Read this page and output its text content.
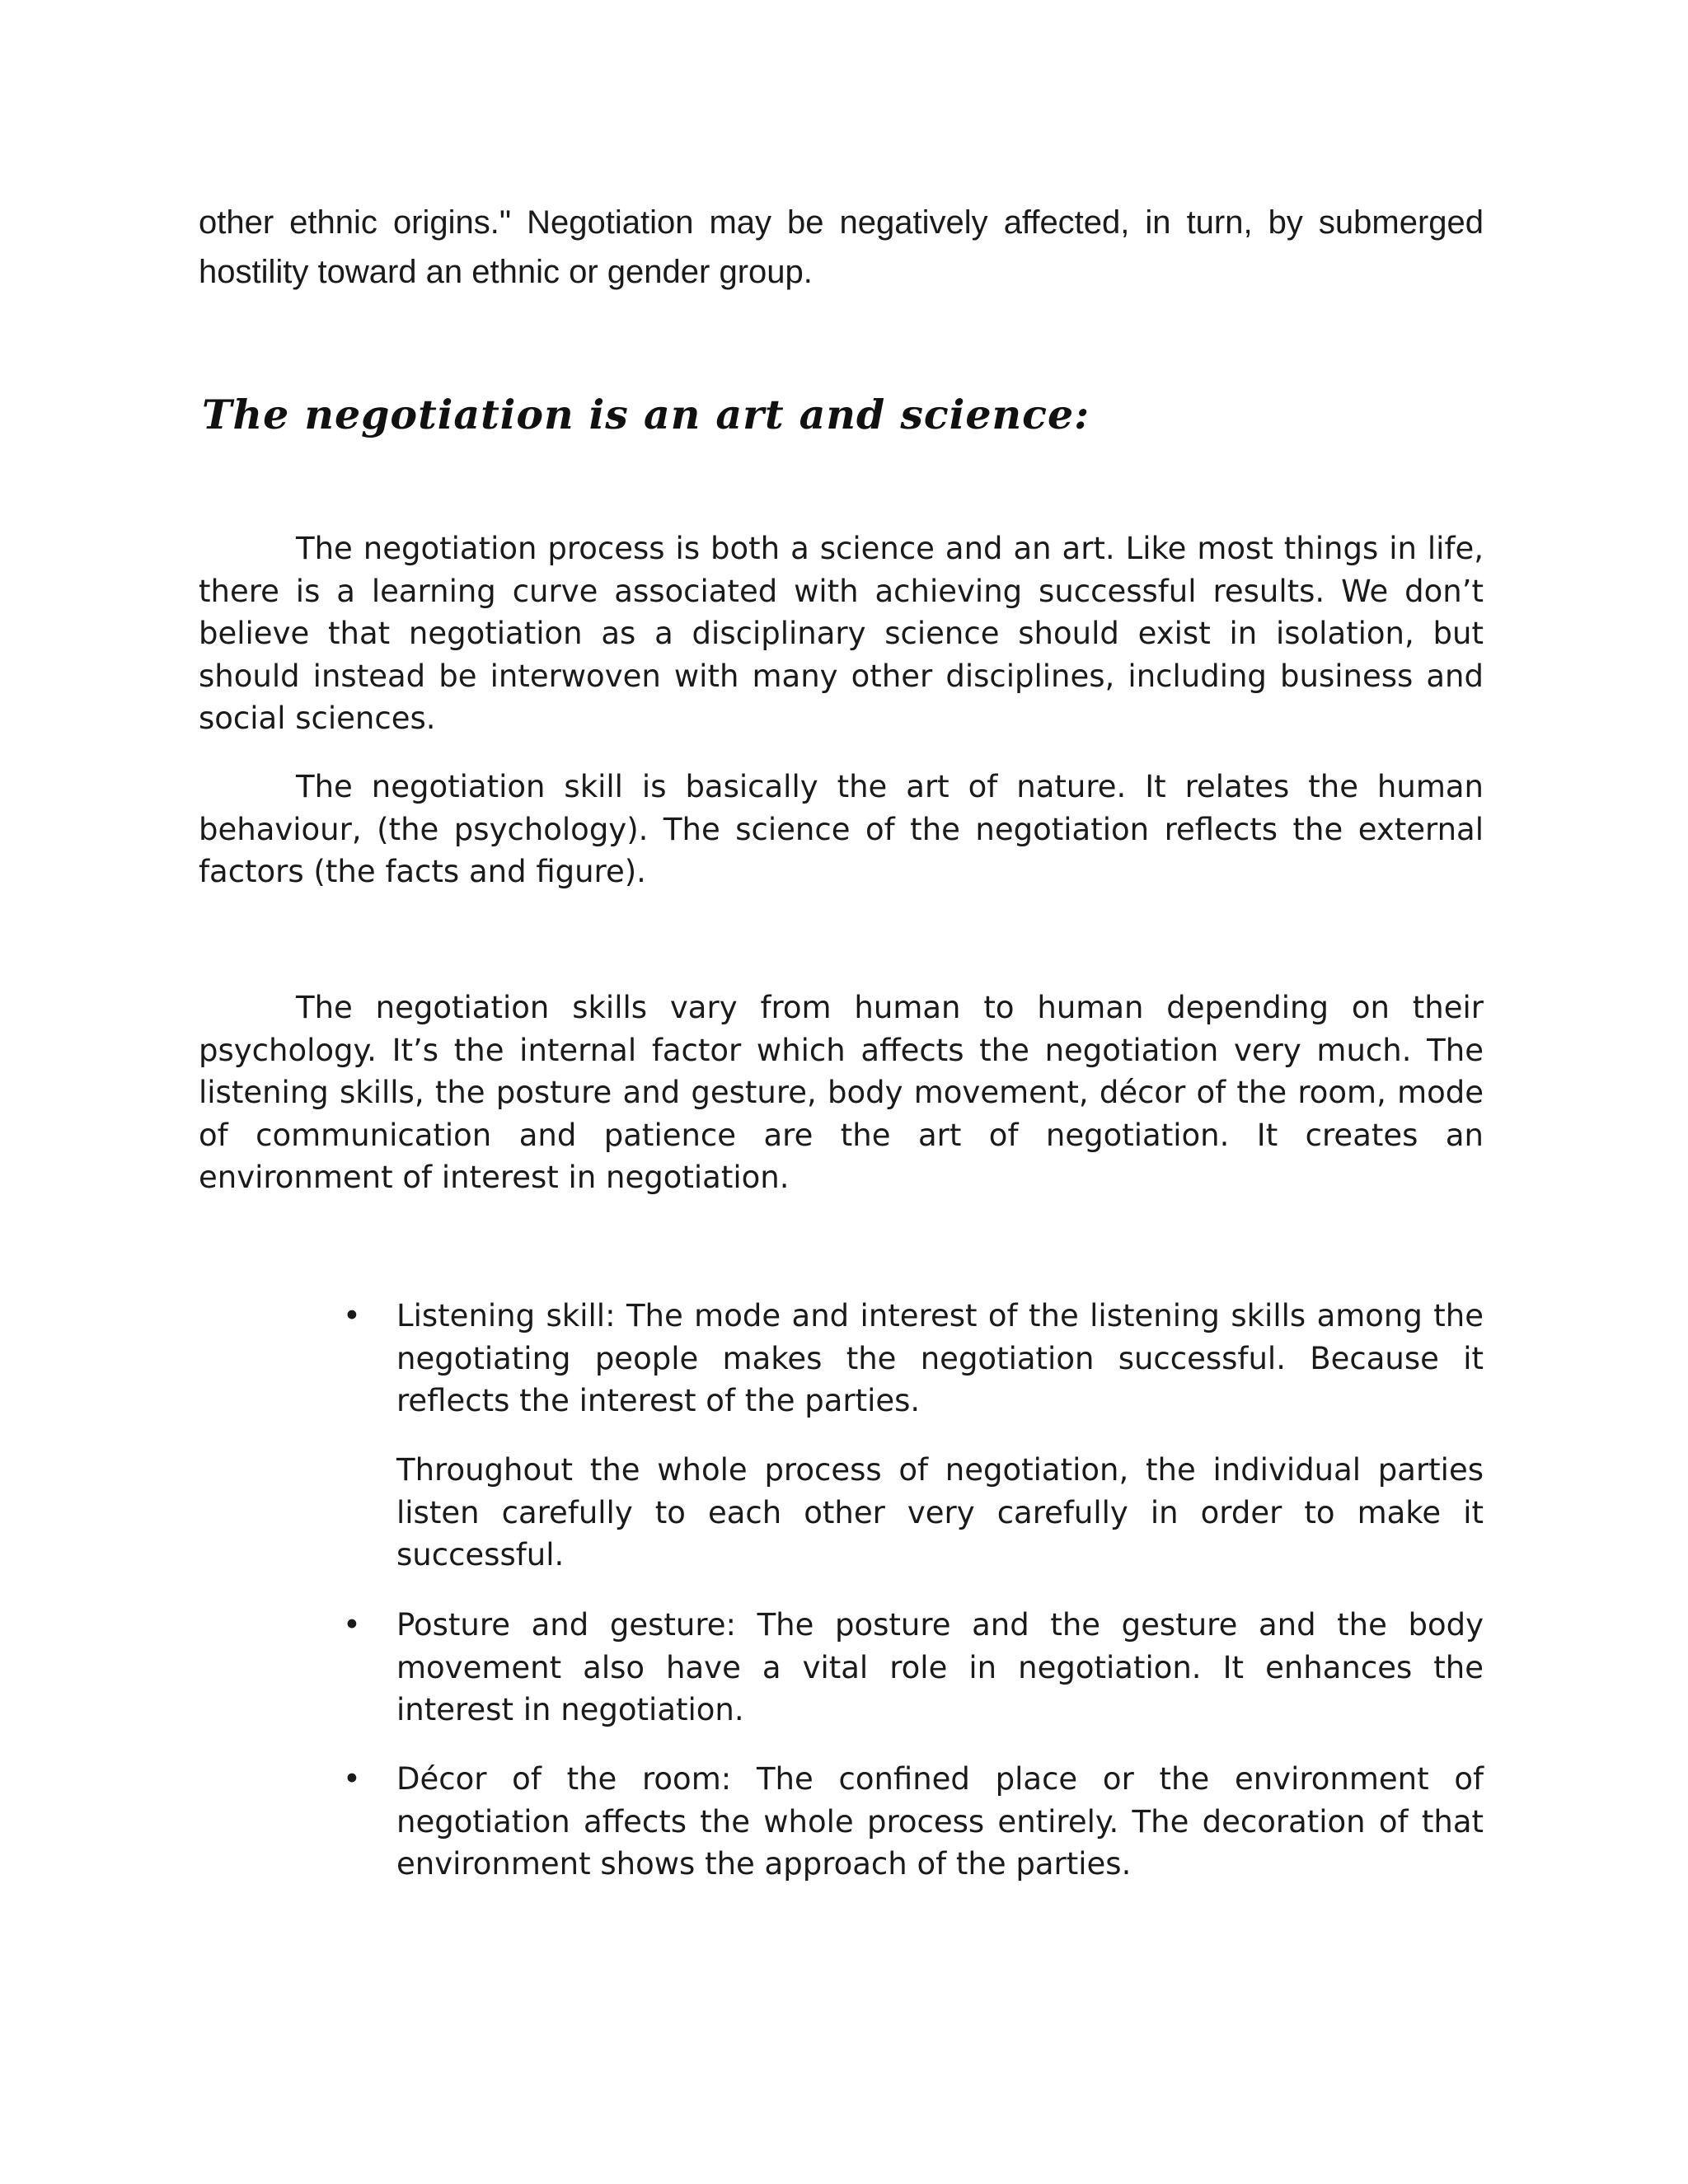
other ethnic origins." Negotiation may be negatively affected, in turn, by submerged hostility toward an ethnic or gender group.

The negotiation is an art and science:

The negotiation process is both a science and an art. Like most things in life, there is a learning curve associated with achieving successful results. We don’t believe that negotiation as a disciplinary science should exist in isolation, but should instead be interwoven with many other disciplines, including business and social sciences.

The negotiation skill is basically the art of nature. It relates the human behaviour, (the psychology). The science of the negotiation reflects the external factors (the facts and figure).

The negotiation skills vary from human to human depending on their psychology. It’s the internal factor which affects the negotiation very much. The listening skills, the posture and gesture, body movement, décor of the room, mode of communication and patience are the art of negotiation. It creates an environment of interest in negotiation.

• Listening skill: The mode and interest of the listening skills among the negotiating people makes the negotiation successful. Because it reflects the interest of the parties.

Throughout the whole process of negotiation, the individual parties listen carefully to each other very carefully in order to make it successful.

• Posture and gesture: The posture and the gesture and the body movement also have a vital role in negotiation. It enhances the interest in negotiation.

• Décor of the room: The confined place or the environment of negotiation affects the whole process entirely. The decoration of that environment shows the approach of the parties.
